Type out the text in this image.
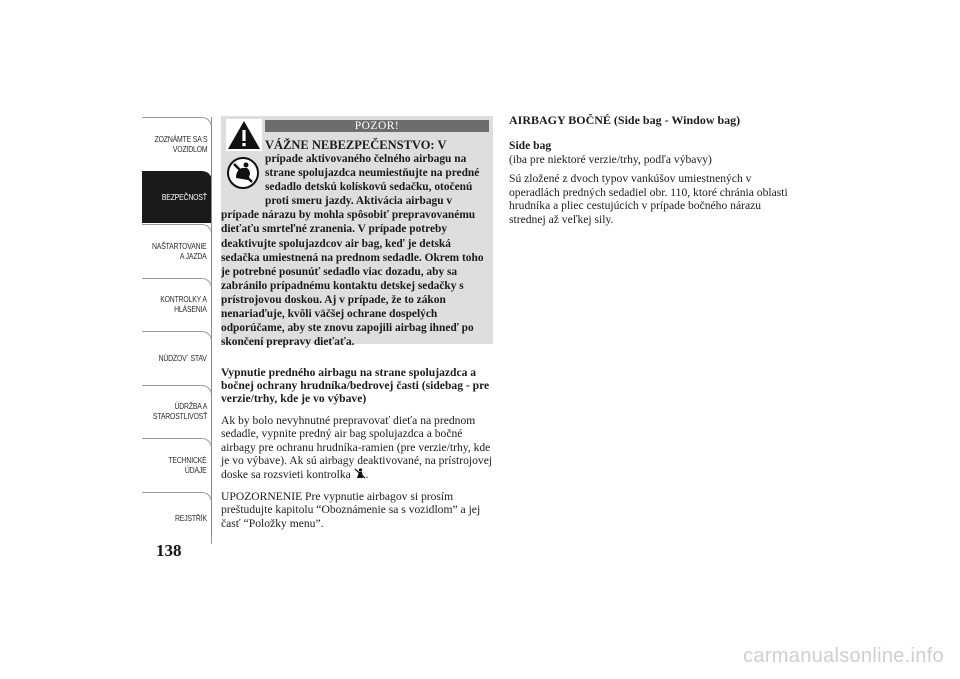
ZOZNÁMTE SA S
VOZIDLOM
BEZPEČNOSŤ
NAŠTARTOVANIE
A JAZDA
KONTROLKY A
HLÁSENIA
NÚDZOV´ STAV
ÚDRŽBA A
STAROSTLIVOSŤ
TECHNICKÉ
ÚDAJE
REJSTŘÍK
138
POZOR!
VÁŽNE NEBEZPEČENSTVO: V
prípade aktivovaného čelného airbagu na strane spolujazdca neumiestňujte na predné sedadlo detskú kolískovú sedačku, otočenú proti smeru jazdy. Aktivácia airbagu v prípade nárazu by mohla spôsobiť prepravovanému dieťaťu smrteľné zranenia. V prípade potreby deaktivujte spolujazdcov air bag, keď je detská sedačka umiestnená na prednom sedadle. Okrem toho je potrebné posunúť sedadlo viac dozadu, aby sa zabránilo prípadnému kontaktu detskej sedačky s prístrojovou doskou. Aj v prípade, že to zákon nenariaďuje, kvôli väčšej ochrane dospelých odporúčame, aby ste znovu zapojili airbag ihneď po skončení prepravy dieťaťa.
Vypnutie predného airbagu na strane spolujazdca a bočnej ochrany hrudníka/bedrovej časti (sidebag - pre verzie/trhy, kde je vo výbave)

Ak by bolo nevyhnutné prepravovať dieťa na prednom sedadle, vypnite predný air bag spolujazdca a bočné airbagy pre ochranu hrudníka-ramien (pre verzie/trhy, kde je vo výbave). Ak sú airbagy deaktivované, na prístrojovej doske sa rozsvieti kontrolka .

UPOZORNENIE Pre vypnutie airbagov si prosím preštudujte kapitolu “Oboznámenie sa s vozidlom” a jej časť “Položky menu”.

AIRBAGY BOČNÉ (Side bag - Window bag)
Side bag

(iba pre niektoré verzie/trhy, podľa výbavy)

Sú zložené z dvoch typov vankúšov umiestnených v operadlách predných sedadiel obr. 110, ktoré chránia oblasti hrudníka a pliec cestujúcich v prípade bočného nárazu strednej až veľkej sily.

carmanualsonline.info
